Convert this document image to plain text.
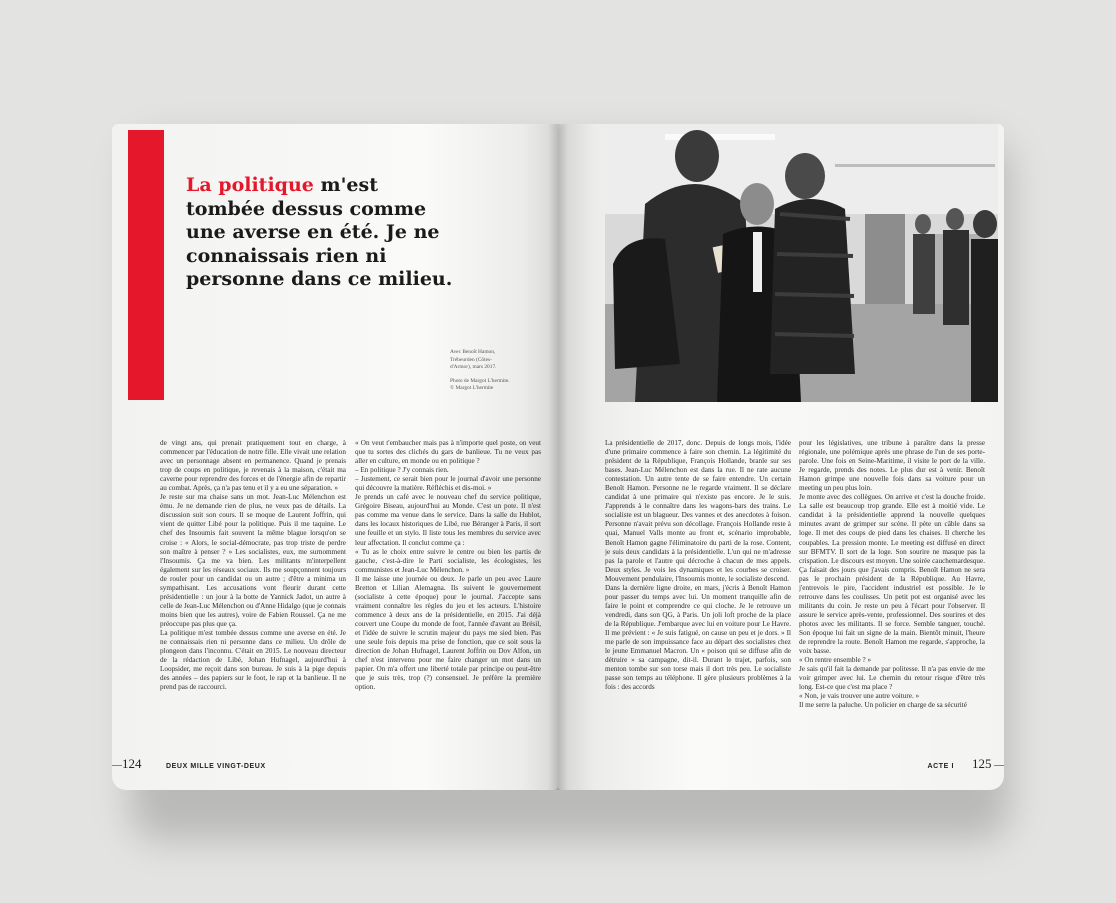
La politique m'est tombée dessus comme une averse en été. Je ne connaissais rien ni personne dans ce milieu.
Avec Benoît Hamon,
Trébeurden (Côtes-
d'Armor), mars 2017.
Photo de Margot L'hermite.
© Margot L'hermite

de vingt ans, qui prenait pratiquement tout en charge, à commencer par l'éducation de notre fille. Elle vivait une relation avec un personnage absent en permanence. Quand je prenais trop de coups en politique, je revenais à la maison, c'était ma caverne pour reprendre des forces et de l'énergie afin de repartir au combat. Après, ça n'a pas tenu et il y a eu une séparation. »

Je reste sur ma chaise sans un mot. Jean-Luc Mélenchon est ému. Je ne demande rien de plus, ne veux pas de détails. La discussion suit son cours. Il se moque de Laurent Joffrin, qui vient de quitter Libé pour la politique. Puis il me taquine. Le chef des Insoumis fait souvent la même blague lorsqu'on se croise : « Alors, le social-démocrate, pas trop triste de perdre son maître à penser ? » Les socialistes, eux, me surnomment l'Insoumis. Ça me va bien. Les militants m'interpellent également sur les réseaux sociaux. Ils me soupçonnent toujours de rouler pour un candidat ou un autre ; d'être a minima un sympathisant. Les accusations vont fleurir durant cette présidentielle : un jour à la botte de Yannick Jadot, un autre à celle de Jean-Luc Mélenchon ou d'Anne Hidalgo (que je connais moins bien que les autres), voire de Fabien Roussel. Ça ne me préoccupe pas plus que ça.

La politique m'est tombée dessus comme une averse en été. Je ne connaissais rien ni personne dans ce milieu. Un drôle de plongeon dans l'inconnu. C'était en 2015. Le nouveau directeur de la rédaction de Libé, Johan Hufnagel, aujourd'hui à Loopsider, me reçoit dans son bureau. Je suis à la pige depuis des années – des papiers sur le foot, le rap et la banlieue. Il ne prend pas de raccourci.

« On veut t'embaucher mais pas à n'importe quel poste, on veut que tu sortes des clichés du gars de banlieue. Tu ne veux pas aller en culture, en monde ou en politique ?

– En politique ? J'y connais rien.

– Justement, ce serait bien pour le journal d'avoir une personne qui découvre la matière. Réfléchis et dis-moi. »

Je prends un café avec le nouveau chef du service politique, Grégoire Biseau, aujourd'hui au Monde. C'est un pote. Il n'est pas comme ma venue dans le service. Dans la salle du Hublot, dans les locaux historiques de Libé, rue Béranger à Paris, il sort une feuille et un stylo. Il liste tous les membres du service avec leur affectation. Il conclut comme ça :

« Tu as le choix entre suivre le centre ou bien les partis de gauche, c'est-à-dire le Parti socialiste, les écologistes, les communistes et Jean-Luc Mélenchon. »

Il me laisse une journée ou deux. Je parle un peu avec Laure Bretton et Lilian Alemagna. Ils suivent le gouvernement (socialiste à cette époque) pour le journal. J'accepte sans vraiment connaître les règles du jeu et les acteurs. L'histoire commence à deux ans de la présidentielle, en 2015. J'ai déjà couvert une Coupe du monde de foot, l'année d'avant au Brésil, et l'idée de suivre le scrutin majeur du pays me sied bien. Pas une seule fois depuis ma prise de fonction, que ce soit sous la direction de Johan Hufnagel, Laurent Joffrin ou Dov Alfon, un chef n'est intervenu pour me faire changer un mot dans un papier. On m'a offert une liberté totale par principe ou peut-être que je suis très, trop (?) consensuel. Je préfère la première option.

—124	DEUX MILLE VINGT-DEUX

La présidentielle de 2017, donc. Depuis de longs mois, l'idée d'une primaire commence à faire son chemin. La légitimité du président de la République, François Hollande, branle sur ses bases. Jean-Luc Mélenchon est dans la rue. Il ne rate aucune contestation. Un autre tente de se faire entendre. Un certain Benoît Hamon. Personne ne le regarde vraiment. Il se déclare candidat à une primaire qui n'existe pas encore. Je le suis. J'apprends à le connaître dans les wagons-bars des trains. Le socialiste est un blagueur. Des vannes et des anecdotes à foison. Personne n'avait prévu son décollage. François Hollande reste à quai, Manuel Valls monte au front et, scénario improbable, Benoît Hamon gagne l'éliminatoire du parti de la rose. Content, je suis deux candidats à la présidentielle. L'un qui ne m'adresse pas la parole et l'autre qui décroche à chacun de mes appels. Deux styles. Je vois les dynamiques et les courbes se croiser. Mouvement pendulaire, l'Insoumis monte, le socialiste descend.

Dans la dernière ligne droite, en mars, j'écris à Benoît Hamon pour passer du temps avec lui. Un moment tranquille afin de faire le point et comprendre ce qui cloche. Je le retrouve un vendredi, dans son QG, à Paris. Un joli loft proche de la place de la République. J'embarque avec lui en voiture pour Le Havre. Il me prévient : « Je suis fatigué, on cause un peu et je dors. » Il me parle de son impuissance face au départ des socialistes chez le jeune Emmanuel Macron. Un « poison qui se diffuse afin de détruire » sa campagne, dit-il. Durant le trajet, parfois, son menton tombe sur son torse mais il dort très peu. Le socialiste passe son temps au téléphone. Il gère plusieurs problèmes à la fois : des accords

pour les législatives, une tribune à paraître dans la presse régionale, une polémique après une phrase de l'un de ses porte-parole. Une fois en Seine-Maritime, il visite le port de la ville. Je regarde, prends des notes. Le plus dur est à venir. Benoît Hamon grimpe une nouvelle fois dans sa voiture pour un meeting un peu plus loin.

Je monte avec des collègues. On arrive et c'est la douche froide. La salle est beaucoup trop grande. Elle est à moitié vide. Le candidat à la présidentielle apprend la nouvelle quelques minutes avant de grimper sur scène. Il pète un câble dans sa loge. Il met des coups de pied dans les chaises. Il cherche les coupables. La pression monte. Le meeting est diffusé en direct sur BFMTV. Il sort de la loge. Son sourire ne masque pas la crispation. Le discours est moyen. Une soirée cauchemardesque. Ça faisait des jours que j'avais compris. Benoît Hamon ne sera pas le prochain président de la République. Au Havre, j'entrevois le pire, l'accident industriel est possible. Je le retrouve dans les coulisses. Un petit pot est organisé avec les militants du coin. Je reste un peu à l'écart pour l'observer. Il assure le service après-vente, professionnel. Des sourires et des photos avec les militants. Il se force. Semble tanguer, touché. Son époque lui fait un signe de la main. Bientôt minuit, l'heure de reprendre la route. Benoît Hamon me regarde, s'approche, la voix basse.

« On rentre ensemble ? »

Je sais qu'il fait la demande par politesse. Il n'a pas envie de me voir grimper avec lui. Le chemin du retour risque d'être très long. Est-ce que c'est ma place ?

« Non, je vais trouver une autre voiture. »

Il me serre la paluche. Un policier en charge de sa sécurité

ACTE I 125 —
